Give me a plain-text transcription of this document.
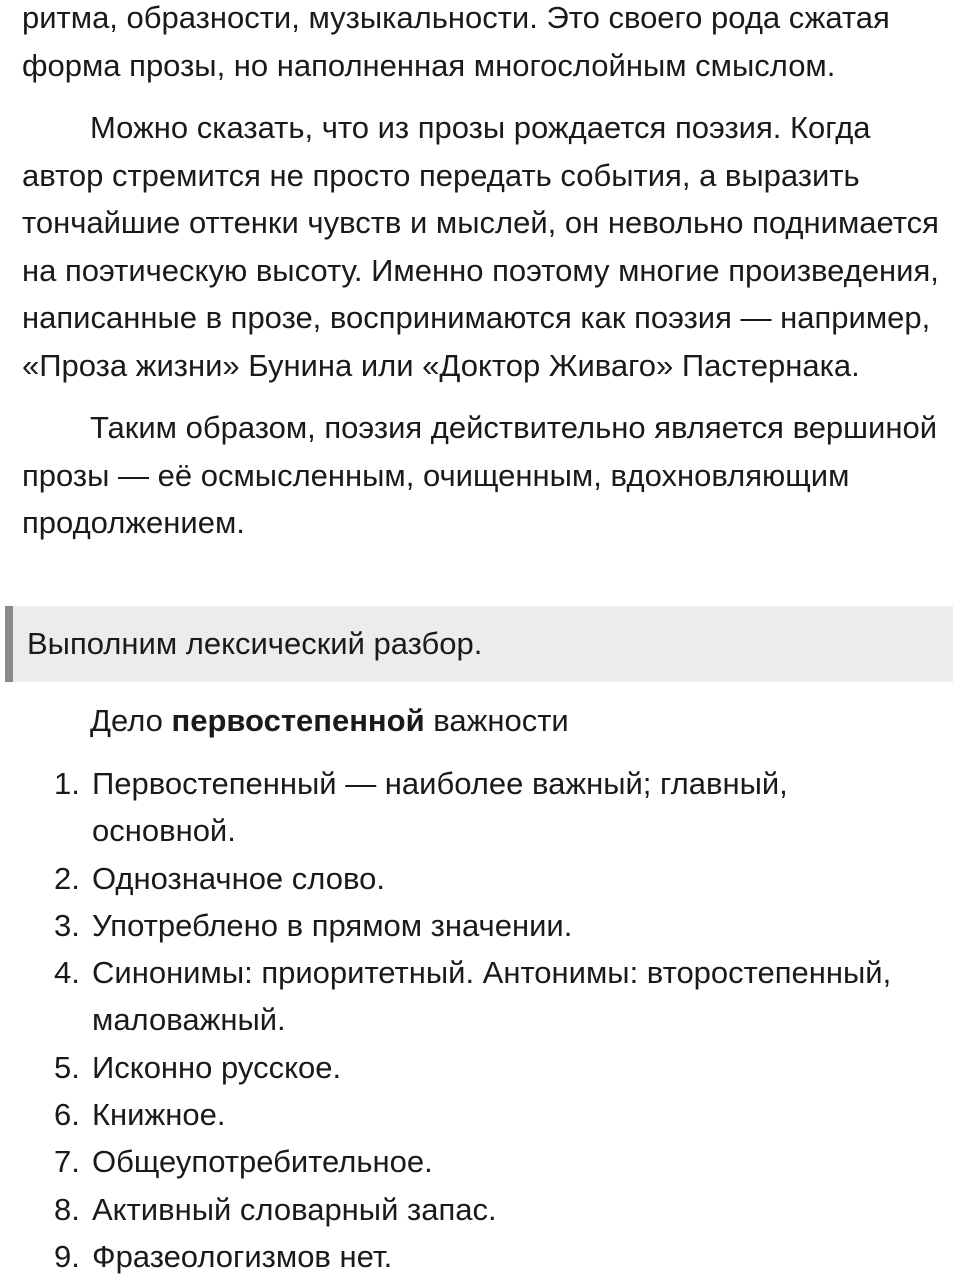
ритма, образности, музыкальности. Это своего рода сжатая форма прозы, но наполненная многослойным смыслом.

Можно сказать, что из прозы рождается поэзия. Когда автор стремится не просто передать события, а выразить тончайшие оттенки чувств и мыслей, он невольно поднимается на поэтическую высоту. Именно поэтому многие произведения, написанные в прозе, воспринимаются как поэзия — например, «Проза жизни» Бунина или «Доктор Живаго» Пастернака.

Таким образом, поэзия действительно является вершиной прозы — её осмысленным, очищенным, вдохновляющим продолжением.

Выполним лексический разбор.
Дело первостепенной важности
1. Первостепенный — наиболее важный; главный, основной.
2. Однозначное слово.
3. Употреблено в прямом значении.
4. Синонимы: приоритетный. Антонимы: второстепенный, маловажный.
5. Исконно русское.
6. Книжное.
7. Общеупотребительное.
8. Активный словарный запас.
9. Фразеологизмов нет.
